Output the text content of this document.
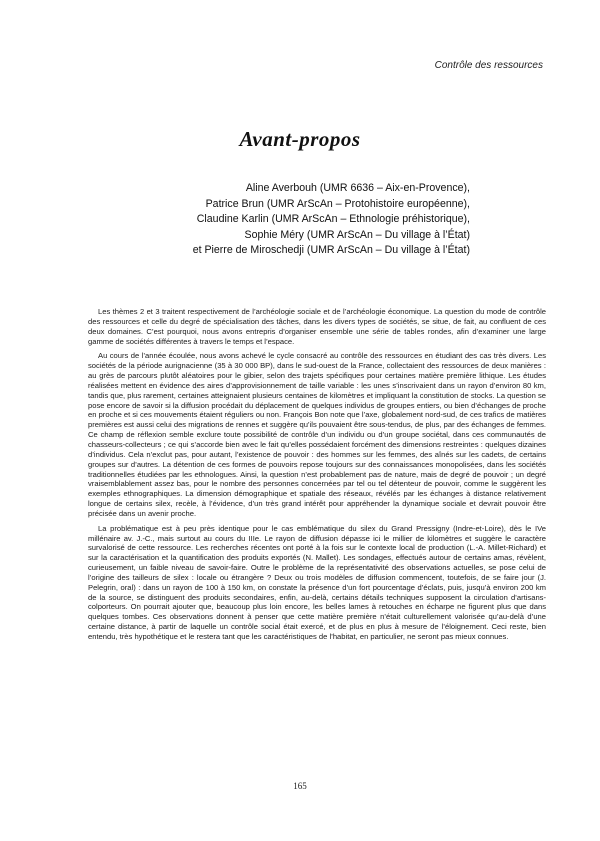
Contrôle des ressources
Avant-propos
Aline Averbouh (UMR 6636 – Aix-en-Provence),
Patrice Brun (UMR ArScAn – Protohistoire européenne),
Claudine Karlin (UMR ArScAn – Ethnologie préhistorique),
Sophie Méry (UMR ArScAn – Du village à l’État)
et Pierre de Miroschedji (UMR ArScAn – Du village à l’État)

Les thèmes 2 et 3 traitent respectivement de l’archéologie sociale et de l’archéologie économique. La question du mode de contrôle des ressources et celle du degré de spécialisation des tâches, dans les divers types de sociétés, se situe, de fait, au confluent de ces deux domaines. C’est pourquoi, nous avons entrepris d’organiser ensemble une série de tables rondes, afin d’examiner une large gamme de sociétés différentes à travers le temps et l’espace.

Au cours de l’année écoulée, nous avons achevé le cycle consacré au contrôle des ressources en étudiant des cas très divers. Les sociétés de la période aurignacienne (35 à 30 000 BP), dans le sud-ouest de la France, collectaient des ressources de deux manières : au grès de parcours plutôt aléatoires pour le gibier, selon des trajets spécifiques pour certaines matière première lithique. Les études réalisées mettent en évidence des aires d’approvisionnement de taille variable : les unes s’inscrivaient dans un rayon d’environ 80 km, tandis que, plus rarement, certaines atteignaient plusieurs centaines de kilomètres et impliquant la constitution de stocks. La question se pose encore de savoir si la diffusion procédait du déplacement de quelques individus de groupes entiers, ou bien d’échanges de proche en proche et si ces mouvements étaient réguliers ou non. François Bon note que l’axe, globalement nord-sud, de ces trafics de matières premières est aussi celui des migrations de rennes et suggère qu’ils pouvaient être sous-tendus, de plus, par des échanges de femmes. Ce champ de réflexion semble exclure toute possibilité de contrôle d’un individu ou d’un groupe sociétal, dans ces communautés de chasseurs-collecteurs ; ce qui s’accorde bien avec le fait qu’elles possédaient forcément des dimensions restreintes : quelques dizaines d’individus. Cela n’exclut pas, pour autant, l’existence de pouvoir : des hommes sur les femmes, des aînés sur les cadets, de certains groupes sur d’autres. La détention de ces formes de pouvoirs repose toujours sur des connaissances monopolisées, dans les sociétés traditionnelles étudiées par les ethnologues. Ainsi, la question n’est probablement pas de nature, mais de degré de pouvoir ; un degré vraisemblablement assez bas, pour le nombre des personnes concernées par tel ou tel détenteur de pouvoir, comme le suggèrent les exemples ethnographiques. La dimension démographique et spatiale des réseaux, révélés par les échanges à distance relativement longue de certains silex, recèle, à l’évidence, d’un très grand intérêt pour appréhender la dynamique sociale et devrait pouvoir être précisée dans un avenir proche.

La problématique est à peu près identique pour le cas emblématique du silex du Grand Pressigny (Indre-et-Loire), dès le IVe millénaire av. J.-C., mais surtout au cours du IIIe. Le rayon de diffusion dépasse ici le millier de kilomètres et suggère le caractère survalorisé de cette ressource. Les recherches récentes ont porté à la fois sur le contexte local de production (L.-A. Millet-Richard) et sur la caractérisation et la quantification des produits exportés (N. Mallet). Les sondages, effectués autour de certains amas, révèlent, curieusement, un faible niveau de savoir-faire. Outre le problème de la représentativité des observations actuelles, se pose celui de l’origine des tailleurs de silex : locale ou étrangère ? Deux ou trois modèles de diffusion commencent, toutefois, de se faire jour (J. Pelegrin, oral) : dans un rayon de 100 à 150 km, on constate la présence d’un fort pourcentage d’éclats, puis, jusqu’à environ 200 km de la source, se distinguent des produits secondaires, enfin, au-delà, certains détails techniques supposent la circulation d’artisans-colporteurs. On pourrait ajouter que, beaucoup plus loin encore, les belles lames à retouches en écharpe ne figurent plus que dans quelques tombes. Ces observations donnent à penser que cette matière première n’était culturellement valorisée qu’au-delà d’une certaine distance, à partir de laquelle un contrôle social était exercé, et de plus en plus à mesure de l’éloignement. Ceci reste, bien entendu, très hypothétique et le restera tant que les caractéristiques de l’habitat, en particulier, ne seront pas mieux connues.

165
